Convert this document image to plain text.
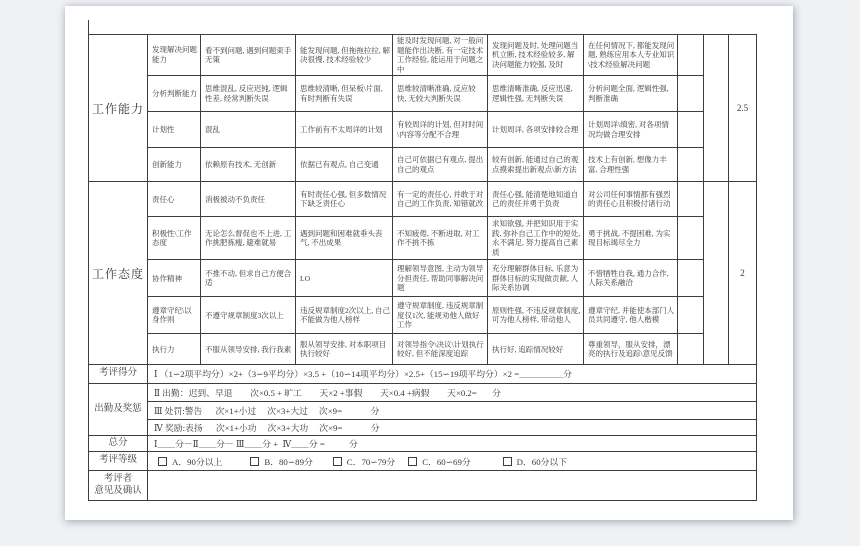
工作能力	发现解决问题能力	看不到问题, 遇到问题束手无策	能发现问题, 但拖拖拉拉, 解决很慢, 技术经验较少	能及时发现问题, 对一般问题能作出决断, 有一定技术工作经验, 能运用于问题之中	发现问题及时, 处理问题当机立断, 技术经验较多, 解决问题能力较强, 及时	在任何情况下, 都能发现问题, 熟练应用本人专业知识\技术经验解决问题			2.5
	分析判断能力	思维混乱, 反应迟钝, 逻辑性差, 经常判断失误	思维较清晰, 但呆板\片面, 有时判断有失误	思维较清晰准确, 反应较快, 无较大判断失误	思维清晰准确, 反应迅速, 逻辑性强, 无判断失误	分析问题全面, 逻辑性强, 判断准确			
	计划性	混乱	工作前有不太周详的计划	有较周详的计划, 但对时间\内容等分配不合理	计划周详, 各项安排较合理	计划周详\缜密, 对各项情况均做合理安排			
	创新能力	依赖原有技术, 无创新	依据已有观点, 自己变通	自己可依据已有观点, 提出自己的观点	较有创新, 能通过自己的观点摸索提出新观点\新方法	技术上有创新, 想像力丰富, 合理性强			
工作态度	责任心	消极被动不负责任	有时责任心强, 但多数情况下缺乏责任心	有一定的责任心, 并敢于对自己的工作负责, 知错就改	责任心强, 能清楚地知道自己的责任并勇于负责	对公司任何事情都有强烈的责任心且积极付诸行动			2
	积极性\工作态度	无论怎么督促也不上进, 工作挑肥拣瘦, 避难就易	遇到问题和困难就垂头丧气, 不出成果	不知疲倦, 不断进取, 对工作不挑不拣	求知欲强, 并把知识用于实践, 弥补自己工作中的短处, 永不满足, 努力提高自己素质	勇于挑战, 不提困难, 为实现目标竭尽全力			
	协作精神	不推不动, 但求自己方便合适	LO	理解领导意图, 主动为领导分担责任, 帮助同事解决问题	充分理解群体目标, 乐意为群体目标的实现做贡献, 人际关系协调	不惜牺牲自我, 通力合作, 人际关系融洽			
	遵章守纪\以身作则	不遵守规章制度3次以上	违反规章制度2次以上, 自己不能做为他人榜样	遵守规章制度, 违反规章制度仅1次, 能规劝他人做好工作	原则性强, 不违反规章制度, 可为他人榜样, 带动他人	遵章守纪, 并能使本部门人员共同遵守, 他人楷模			
	执行力	不服从领导安排, 我行我素	服从领导安排, 对本职项目执行较好	对领导指令\决议\计划执行较好, 但不能深度追踪	执行好, 追踪情况较好	尊重领导，服从安排，漂亮的执行及追踪\意见反馈			
考评得分	Ⅰ （1∽2项平均分）×2+（3∽9平均分）×3.5 +（10∽14项平均分）×2.5+（15∽19项平均分）×2 =＿＿＿＿＿分								
出勤及奖惩	Ⅱ 出勤：迟到、早退        次×0.5 + 旷工        天×2 +事假        天×0.4 +病假        天×0.2=       分								
	Ⅲ 处罚:警告      次×1+小过     次×3+大过     次×9=             分								
	Ⅳ 奖励:表扬      次×1+小功     次×3+大功     次×9=             分								
总分	Ⅰ＿＿分－Ⅱ＿＿分－ Ⅲ＿＿分 +  Ⅳ＿＿分 =           分								
考评等级	A．90分以上 B．80∽89分 C．70∽79分 C．60∽69分 D．60分以下								

考评者
意见及确认									
